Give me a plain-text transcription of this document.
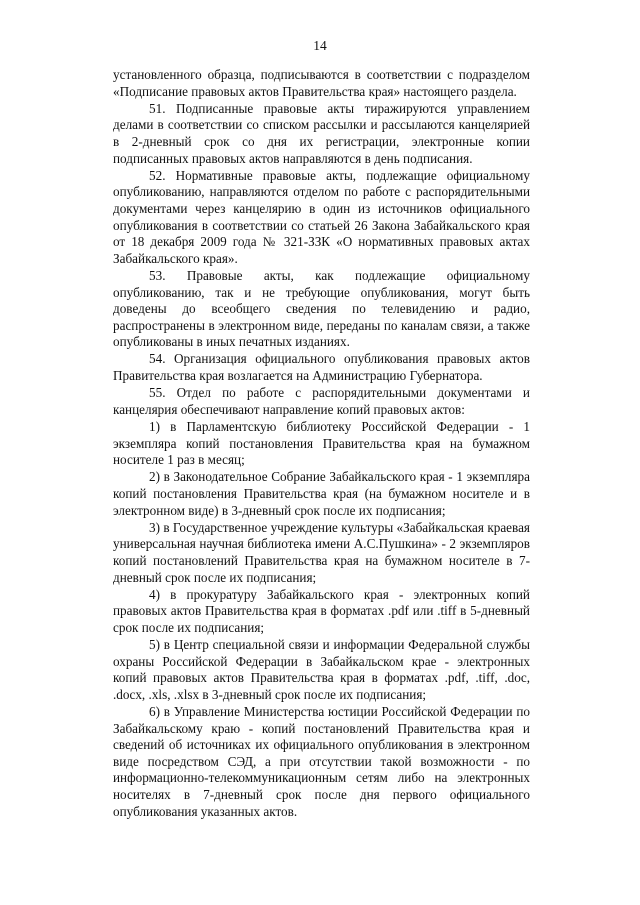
14

установленного образца, подписываются в соответствии с подразделом «Подписание правовых актов Правительства края» настоящего раздела.

51. Подписанные правовые акты тиражируются управлением делами в соответствии со списком рассылки и рассылаются канцелярией в 2-дневный срок со дня их регистрации, электронные копии подписанных правовых актов направляются в день подписания.

52. Нормативные правовые акты, подлежащие официальному опубликованию, направляются отделом по работе с распорядительными документами через канцелярию в один из источников официального опубликования в соответствии со статьей 26 Закона Забайкальского края от 18 декабря 2009 года № 321-ЗЗК «О нормативных правовых актах Забайкальского края».

53. Правовые акты, как подлежащие официальному опубликованию, так и не требующие опубликования, могут быть доведены до всеобщего сведения по телевидению и радио, распространены в электронном виде, переданы по каналам связи, а также опубликованы в иных печатных изданиях.

54. Организация официального опубликования правовых актов Правительства края возлагается на Администрацию Губернатора.

55. Отдел по работе с распорядительными документами и канцелярия обеспечивают направление копий правовых актов:

1) в Парламентскую библиотеку Российской Федерации - 1 экземпляра копий постановления Правительства края на бумажном носителе 1 раз в месяц;

2) в Законодательное Собрание Забайкальского края - 1 экземпляра копий постановления Правительства края (на бумажном носителе и в электронном виде) в 3-дневный срок после их подписания;

3) в Государственное учреждение культуры «Забайкальская краевая универсальная научная библиотека имени А.С.Пушкина» - 2 экземпляров копий постановлений Правительства края на бумажном носителе в 7-дневный срок после их подписания;

4) в прокуратуру Забайкальского края - электронных копий правовых актов Правительства края в форматах .pdf или .tiff в 5-дневный срок после их подписания;

5) в Центр специальной связи и информации Федеральной службы охраны Российской Федерации в Забайкальском крае - электронных копий правовых актов Правительства края в форматах .pdf, .tiff, .doc, .docx, .xls, .xlsx в 3-дневный срок после их подписания;

6) в Управление Министерства юстиции Российской Федерации по Забайкальскому краю - копий постановлений Правительства края и сведений об источниках их официального опубликования в электронном виде посредством СЭД, а при отсутствии такой возможности - по информационно-телекоммуникационным сетям либо на электронных носителях в 7-дневный срок после дня первого официального опубликования указанных актов.
